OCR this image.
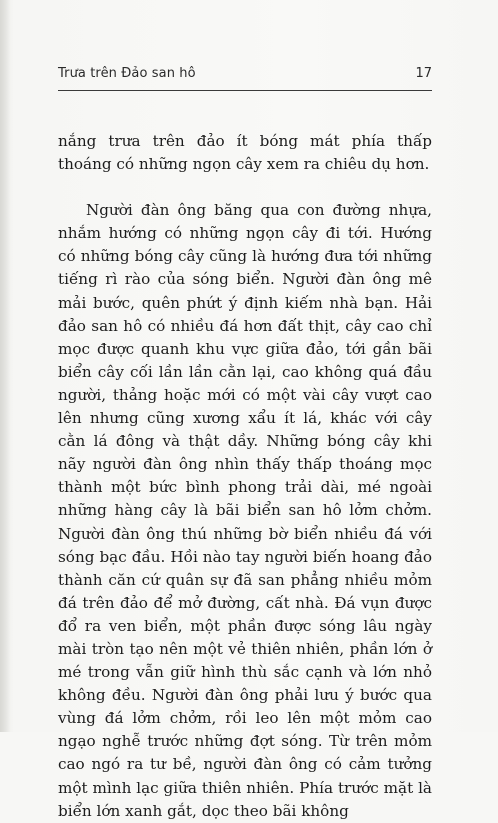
Trưa trên Đảo san hô	17

nắng trưa trên đảo ít bóng mát phía thấp thoáng có những ngọn cây xem ra chiêu dụ hơn.

Người đàn ông băng qua con đường nhựa, nhắm hướng có những ngọn cây đi tới. Hướng có những bóng cây cũng là hướng đưa tới những tiếng rì rào của sóng biển. Người đàn ông mê mải bước, quên phứt ý định kiếm nhà bạn. Hải đảo san hô có nhiều đá hơn đất thịt, cây cao chỉ mọc được quanh khu vực giữa đảo, tới gần bãi biển cây cối lần lần cằn lại, cao không quá đầu người, thảng hoặc mới có một vài cây vượt cao lên nhưng cũng xương xẩu ít lá, khác với cây cằn lá đông và thật dầy. Những bóng cây khi nãy người đàn ông nhìn thấy thấp thoáng mọc thành một bức bình phong trải dài, mé ngoài những hàng cây là bãi biển san hô lởm chởm. Người đàn ông thú những bờ biển nhiều đá với sóng bạc đầu. Hồi nào tay người biến hoang đảo thành căn cứ quân sự đã san phẳng nhiều mỏm đá trên đảo để mở đường, cất nhà. Đá vụn được đổ ra ven biển, một phần được sóng lâu ngày mài tròn tạo nên một vẻ thiên nhiên, phần lớn ở mé trong vẫn giữ hình thù sắc cạnh và lớn nhỏ không đều. Người đàn ông phải lưu ý bước qua vùng đá lởm chởm, rồi leo lên một mỏm cao ngạo nghễ trước những đợt sóng. Từ trên mỏm cao ngó ra tư bề, người đàn ông có cảm tưởng một mình lạc giữa thiên nhiên. Phía trước mặt là biển lớn xanh gắt, dọc theo bãi không
